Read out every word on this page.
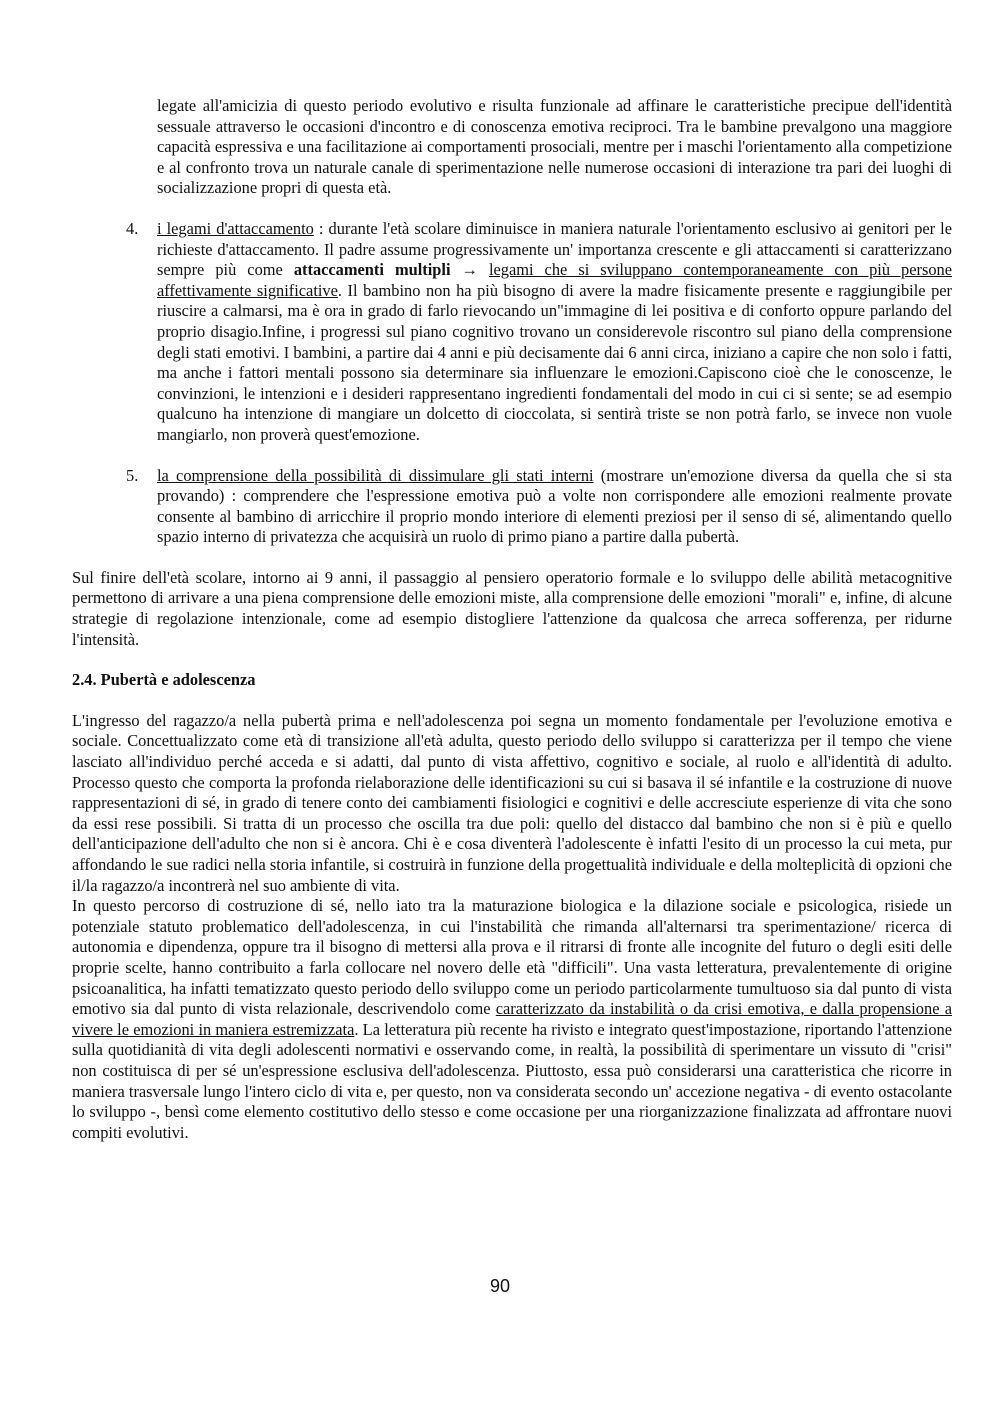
legate all'amicizia di questo periodo evolutivo e risulta funzionale ad affinare le caratteristiche precipue dell'identità sessuale attraverso le occasioni d'incontro e di conoscenza emotiva reciproci. Tra le bambine prevalgono una maggiore capacità espressiva e una facilitazione ai comportamenti prosociali, mentre per i maschi l'orientamento alla competizione e al confronto trova un naturale canale di sperimentazione nelle numerose occasioni di interazione tra pari dei luoghi di socializzazione propri di questa età.

4. i legami d'attaccamento : durante l'età scolare diminuisce in maniera naturale l'orientamento esclusivo ai genitori per le richieste d'attaccamento. Il padre assume progressivamente un' importanza crescente e gli attaccamenti si caratterizzano sempre più come attaccamenti multipli → legami che si sviluppano contemporaneamente con più persone affettivamente significative. Il bambino non ha più bisogno di avere la madre fisicamente presente e raggiungibile per riuscire a calmarsi, ma è ora in grado di farlo rievocando un"immagine di lei positiva e di conforto oppure parlando del proprio disagio.Infine, i progressi sul piano cognitivo trovano un considerevole riscontro sul piano della comprensione degli stati emotivi. I bambini, a partire dai 4 anni e più decisamente dai 6 anni circa, iniziano a capire che non solo i fatti, ma anche i fattori mentali possono sia determinare sia influenzare le emozioni.Capiscono cioè che le conoscenze, le convinzioni, le intenzioni e i desideri rappresentano ingredienti fondamentali del modo in cui ci si sente; se ad esempio qualcuno ha intenzione di mangiare un dolcetto di cioccolata, si sentirà triste se non potrà farlo, se invece non vuole mangiarlo, non proverà quest'emozione.

5. la comprensione della possibilità di dissimulare gli stati interni (mostrare un'emozione diversa da quella che si sta provando) : comprendere che l'espressione emotiva può a volte non corrispondere alle emozioni realmente provate consente al bambino di arricchire il proprio mondo interiore di elementi preziosi per il senso di sé, alimentando quello spazio interno di privatezza che acquisirà un ruolo di primo piano a partire dalla pubertà.

Sul finire dell'età scolare, intorno ai 9 anni, il passaggio al pensiero operatorio formale e lo sviluppo delle abilità metacognitive permettono di arrivare a una piena comprensione delle emozioni miste, alla comprensione delle emozioni "morali" e, infine, di alcune strategie di regolazione intenzionale, come ad esempio distogliere l'attenzione da qualcosa che arreca sofferenza, per ridurne l'intensità.

2.4. Pubertà e adolescenza

L'ingresso del ragazzo/a nella pubertà prima e nell'adolescenza poi segna un momento fondamentale per l'evoluzione emotiva e sociale. Concettualizzato come età di transizione all'età adulta, questo periodo dello sviluppo si caratterizza per il tempo che viene lasciato all'individuo perché acceda e si adatti, dal punto di vista affettivo, cognitivo e sociale, al ruolo e all'identità di adulto. Processo questo che comporta la profonda rielaborazione delle identificazioni su cui si basava il sé infantile e la costruzione di nuove rappresentazioni di sé, in grado di tenere conto dei cambiamenti fisiologici e cognitivi e delle accresciute esperienze di vita che sono da essi rese possibili. Si tratta di un processo che oscilla tra due poli: quello del distacco dal bambino che non si è più e quello dell'anticipazione dell'adulto che non si è ancora. Chi è e cosa diventerà l'adolescente è infatti l'esito di un processo la cui meta, pur affondando le sue radici nella storia infantile, si costruirà in funzione della progettualità individuale e della molteplicità di opzioni che il/la ragazzo/a incontrerà nel suo ambiente di vita.

In questo percorso di costruzione di sé, nello iato tra la maturazione biologica e la dilazione sociale e psicologica, risiede un potenziale statuto problematico dell'adolescenza, in cui l'instabilità che rimanda all'alternarsi tra sperimentazione/ ricerca di autonomia e dipendenza, oppure tra il bisogno di mettersi alla prova e il ritrarsi di fronte alle incognite del futuro o degli esiti delle proprie scelte, hanno contribuito a farla collocare nel novero delle età "difficili". Una vasta letteratura, prevalentemente di origine psicoanalitica, ha infatti tematizzato questo periodo dello sviluppo come un periodo particolarmente tumultuoso sia dal punto di vista emotivo sia dal punto di vista relazionale, descrivendolo come caratterizzato da instabilità o da crisi emotiva, e dalla propensione a vivere le emozioni in maniera estremizzata. La letteratura più recente ha rivisto e integrato quest'impostazione, riportando l'attenzione sulla quotidianità di vita degli adolescenti normativi e osservando come, in realtà, la possibilità di sperimentare un vissuto di "crisi" non costituisca di per sé un'espressione esclusiva dell'adolescenza. Piuttosto, essa può considerarsi una caratteristica che ricorre in maniera trasversale lungo l'intero ciclo di vita e, per questo, non va considerata secondo un' accezione negativa - di evento ostacolante lo sviluppo -, bensì come elemento costitutivo dello stesso e come occasione per una riorganizzazione finalizzata ad affrontare nuovi compiti evolutivi.

90
